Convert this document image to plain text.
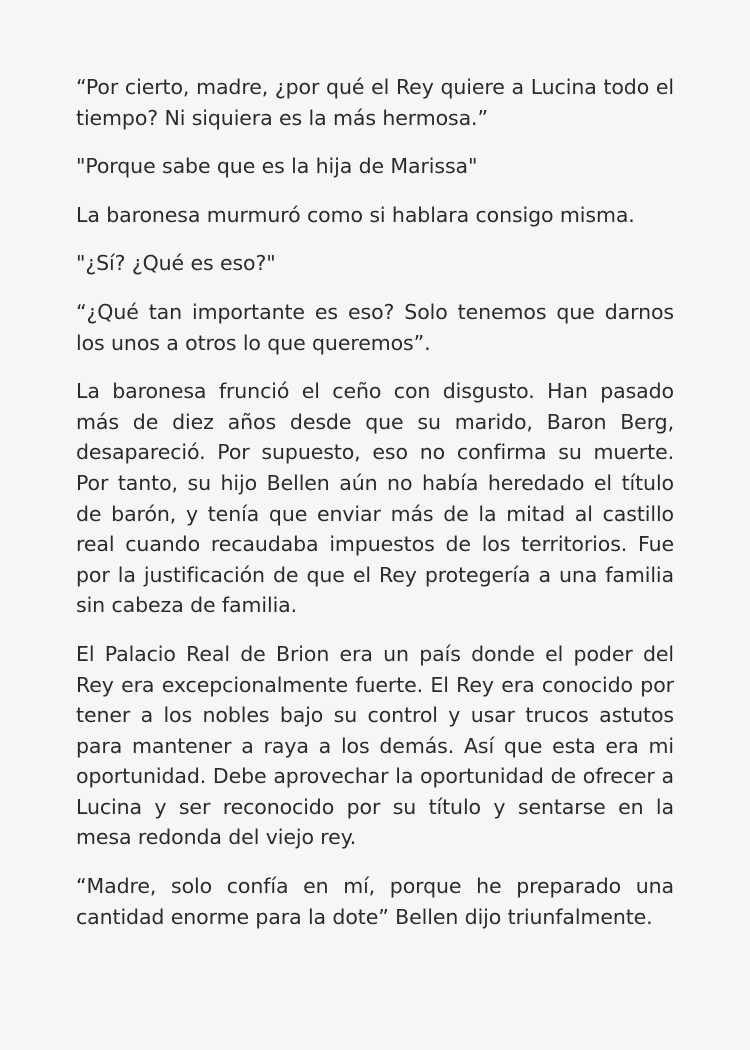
“Por cierto, madre, ¿por qué el Rey quiere a Lucina todo el tiempo? Ni siquiera es la más hermosa.”

"Porque sabe que es la hija de Marissa"

La baronesa murmuró como si hablara consigo misma.

"¿Sí? ¿Qué es eso?"

“¿Qué tan importante es eso? Solo tenemos que darnos los unos a otros lo que queremos”.

La baronesa frunció el ceño con disgusto. Han pasado más de diez años desde que su marido, Baron Berg, desapareció. Por supuesto, eso no confirma su muerte. Por tanto, su hijo Bellen aún no había heredado el título de barón, y tenía que enviar más de la mitad al castillo real cuando recaudaba impuestos de los territorios. Fue por la justificación de que el Rey protegería a una familia sin cabeza de familia.

El Palacio Real de Brion era un país donde el poder del Rey era excepcionalmente fuerte. El Rey era conocido por tener a los nobles bajo su control y usar trucos astutos para mantener a raya a los demás. Así que esta era mi oportunidad. Debe aprovechar la oportunidad de ofrecer a Lucina y ser reconocido por su título y sentarse en la mesa redonda del viejo rey.

“Madre, solo confía en mí, porque he preparado una cantidad enorme para la dote” Bellen dijo triunfalmente.
